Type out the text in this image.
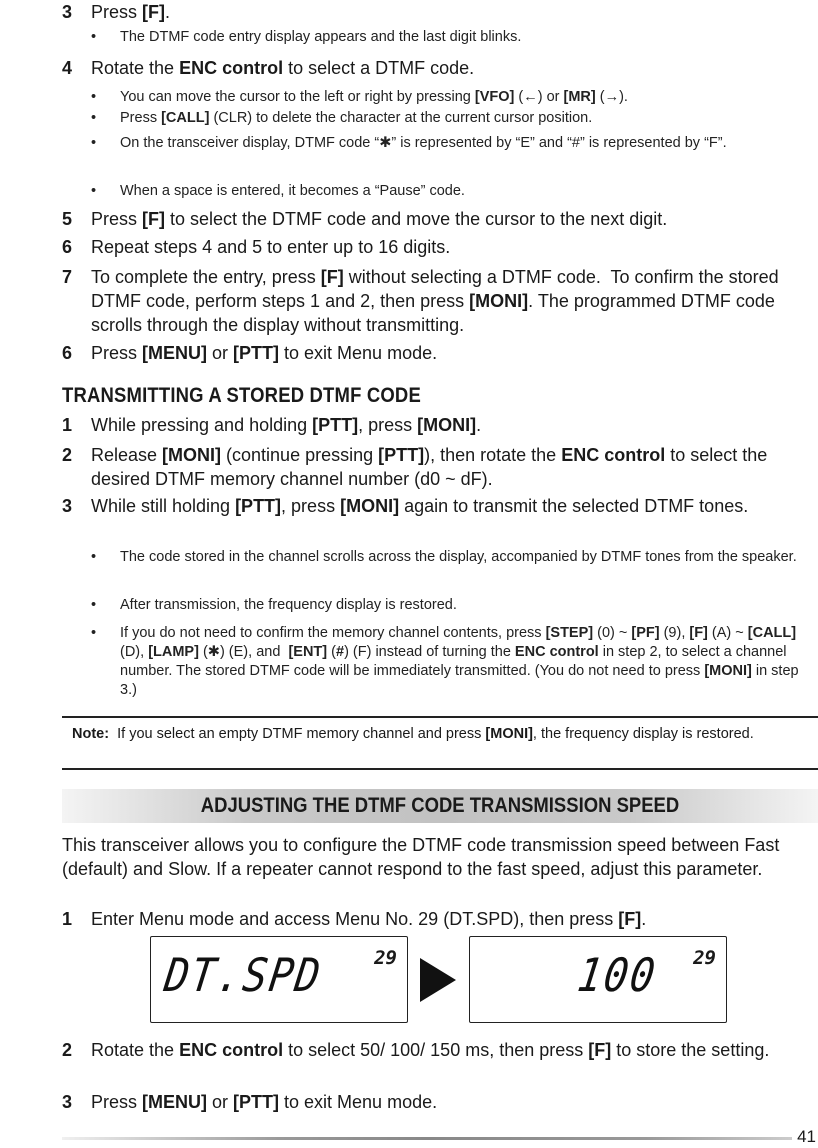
3	Press [F].
•	The DTMF code entry display appears and the last digit blinks.
4	Rotate the ENC control to select a DTMF code.
•	You can move the cursor to the left or right by pressing [VFO] (←) or [MR] (→).
•	Press [CALL] (CLR) to delete the character at the current cursor position.
•	On the transceiver display, DTMF code “✱” is represented by “E” and “#” is represented by “F”.
•	When a space is entered, it becomes a “Pause” code.
5	Press [F] to select the DTMF code and move the cursor to the next digit.
6	Repeat steps 4 and 5 to enter up to 16 digits.
7	To complete the entry, press [F] without selecting a DTMF code.  To confirm the stored DTMF code, perform steps 1 and 2, then press [MONI]. The programmed DTMF code scrolls through the display without transmitting.
6	Press [MENU] or [PTT] to exit Menu mode.
TRANSMITTING A STORED DTMF CODE
1	While pressing and holding [PTT], press [MONI].
2	Release [MONI] (continue pressing [PTT]), then rotate the ENC control to select the desired DTMF memory channel number (d0 ~ dF).
3	While still holding [PTT], press [MONI] again to transmit the selected DTMF tones.
•	The code stored in the channel scrolls across the display, accompanied by DTMF tones from the speaker.
•	After transmission, the frequency display is restored.
•	If you do not need to confirm the memory channel contents, press [STEP] (0) ~ [PF] (9), [F] (A) ~ [CALL] (D), [LAMP] (✱) (E), and  [ENT] (#) (F) instead of turning the ENC control in step 2, to select a channel number. The stored DTMF code will be immediately transmitted. (You do not need to press [MONI] in step 3.)
Note:  If you select an empty DTMF memory channel and press [MONI], the frequency display is restored.
ADJUSTING THE DTMF CODE TRANSMISSION SPEED
This transceiver allows you to configure the DTMF code transmission speed between Fast (default) and Slow. If a repeater cannot respond to the fast speed, adjust this parameter.
1	Enter Menu mode and access Menu No. 29 (DT.SPD), then press [F].
DT.SPD	29	100 29
2	Rotate the ENC control to select 50/ 100/ 150 ms, then press [F] to store the setting.
3	Press [MENU] or [PTT] to exit Menu mode.
41
